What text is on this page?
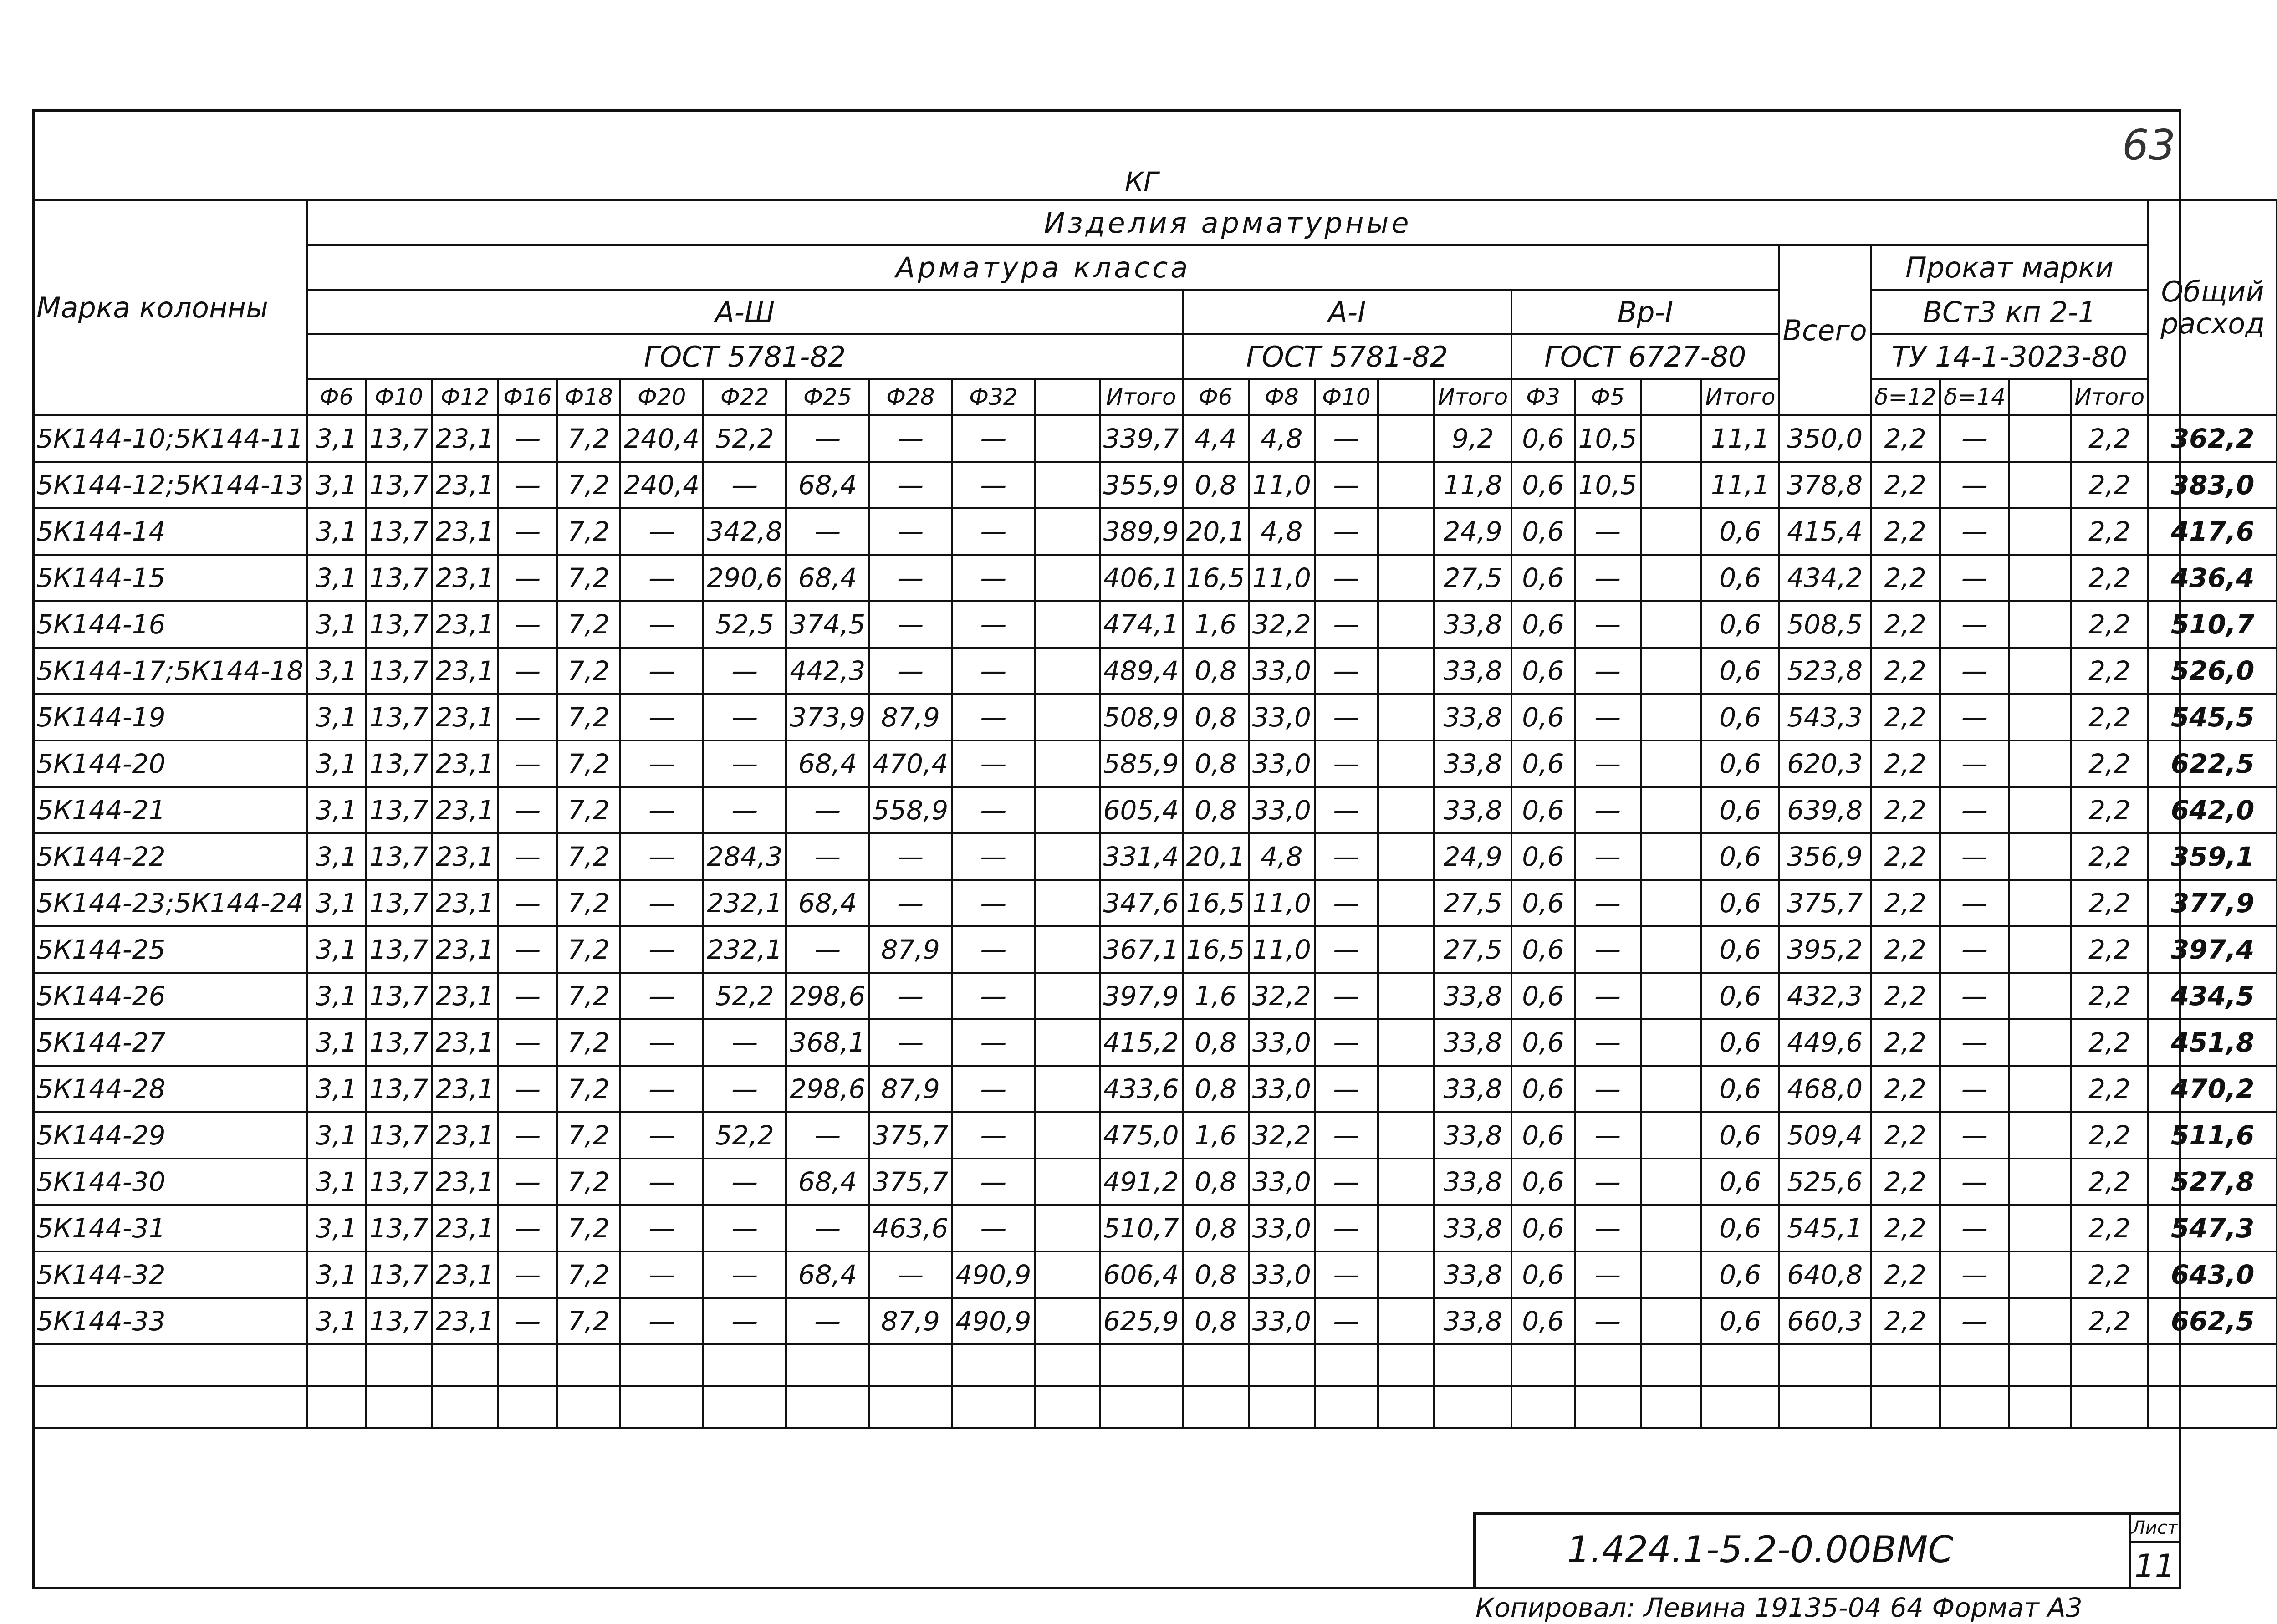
63
КГ
Марка колонны	Изделия арматурные																										Общий расход
	Арматура класса																					Всего	Прокат марки				
	А-Ш												А-I					Вр-I					ВСт3 кп 2-1				
	ГОСТ 5781-82												ГОСТ 5781-82					ГОСТ 6727-80					ТУ 14-1-3023-80				
	Ф6	Ф10	Ф12	Ф16	Ф18	Ф20	Ф22	Ф25	Ф28	Ф32		Итого	Ф6	Ф8	Ф10		Итого	Ф3	Ф5		Итого		δ=12	δ=14		Итого	
5К144-10;5К144-11	3,1	13,7	23,1	—	7,2	240,4	52,2	—	—	—		339,7	4,4	4,8	—		9,2	0,6	10,5		11,1	350,0	2,2	—		2,2	362,2
5К144-12;5К144-13	3,1	13,7	23,1	—	7,2	240,4	—	68,4	—	—		355,9	0,8	11,0	—		11,8	0,6	10,5		11,1	378,8	2,2	—		2,2	383,0
5К144-14	3,1	13,7	23,1	—	7,2	—	342,8	—	—	—		389,9	20,1	4,8	—		24,9	0,6	—		0,6	415,4	2,2	—		2,2	417,6
5К144-15	3,1	13,7	23,1	—	7,2	—	290,6	68,4	—	—		406,1	16,5	11,0	—		27,5	0,6	—		0,6	434,2	2,2	—		2,2	436,4
5К144-16	3,1	13,7	23,1	—	7,2	—	52,5	374,5	—	—		474,1	1,6	32,2	—		33,8	0,6	—		0,6	508,5	2,2	—		2,2	510,7
5К144-17;5К144-18	3,1	13,7	23,1	—	7,2	—	—	442,3	—	—		489,4	0,8	33,0	—		33,8	0,6	—		0,6	523,8	2,2	—		2,2	526,0
5К144-19	3,1	13,7	23,1	—	7,2	—	—	373,9	87,9	—		508,9	0,8	33,0	—		33,8	0,6	—		0,6	543,3	2,2	—		2,2	545,5
5К144-20	3,1	13,7	23,1	—	7,2	—	—	68,4	470,4	—		585,9	0,8	33,0	—		33,8	0,6	—		0,6	620,3	2,2	—		2,2	622,5
5К144-21	3,1	13,7	23,1	—	7,2	—	—	—	558,9	—		605,4	0,8	33,0	—		33,8	0,6	—		0,6	639,8	2,2	—		2,2	642,0
5К144-22	3,1	13,7	23,1	—	7,2	—	284,3	—	—	—		331,4	20,1	4,8	—		24,9	0,6	—		0,6	356,9	2,2	—		2,2	359,1
5К144-23;5К144-24	3,1	13,7	23,1	—	7,2	—	232,1	68,4	—	—		347,6	16,5	11,0	—		27,5	0,6	—		0,6	375,7	2,2	—		2,2	377,9
5К144-25	3,1	13,7	23,1	—	7,2	—	232,1	—	87,9	—		367,1	16,5	11,0	—		27,5	0,6	—		0,6	395,2	2,2	—		2,2	397,4
5К144-26	3,1	13,7	23,1	—	7,2	—	52,2	298,6	—	—		397,9	1,6	32,2	—		33,8	0,6	—		0,6	432,3	2,2	—		2,2	434,5
5К144-27	3,1	13,7	23,1	—	7,2	—	—	368,1	—	—		415,2	0,8	33,0	—		33,8	0,6	—		0,6	449,6	2,2	—		2,2	451,8
5К144-28	3,1	13,7	23,1	—	7,2	—	—	298,6	87,9	—		433,6	0,8	33,0	—		33,8	0,6	—		0,6	468,0	2,2	—		2,2	470,2
5К144-29	3,1	13,7	23,1	—	7,2	—	52,2	—	375,7	—		475,0	1,6	32,2	—		33,8	0,6	—		0,6	509,4	2,2	—		2,2	511,6
5К144-30	3,1	13,7	23,1	—	7,2	—	—	68,4	375,7	—		491,2	0,8	33,0	—		33,8	0,6	—		0,6	525,6	2,2	—		2,2	527,8
5К144-31	3,1	13,7	23,1	—	7,2	—	—	—	463,6	—		510,7	0,8	33,0	—		33,8	0,6	—		0,6	545,1	2,2	—		2,2	547,3
5К144-32	3,1	13,7	23,1	—	7,2	—	—	68,4	—	490,9		606,4	0,8	33,0	—		33,8	0,6	—		0,6	640,8	2,2	—		2,2	643,0
5К144-33	3,1	13,7	23,1	—	7,2	—	—	—	87,9	490,9		625,9	0,8	33,0	—		33,8	0,6	—		0,6	660,3	2,2	—		2,2	662,5

1.424.1-5.2-0.00ВМС
Лист
11
Копировал: Левина 19135-04 64 Формат А3
